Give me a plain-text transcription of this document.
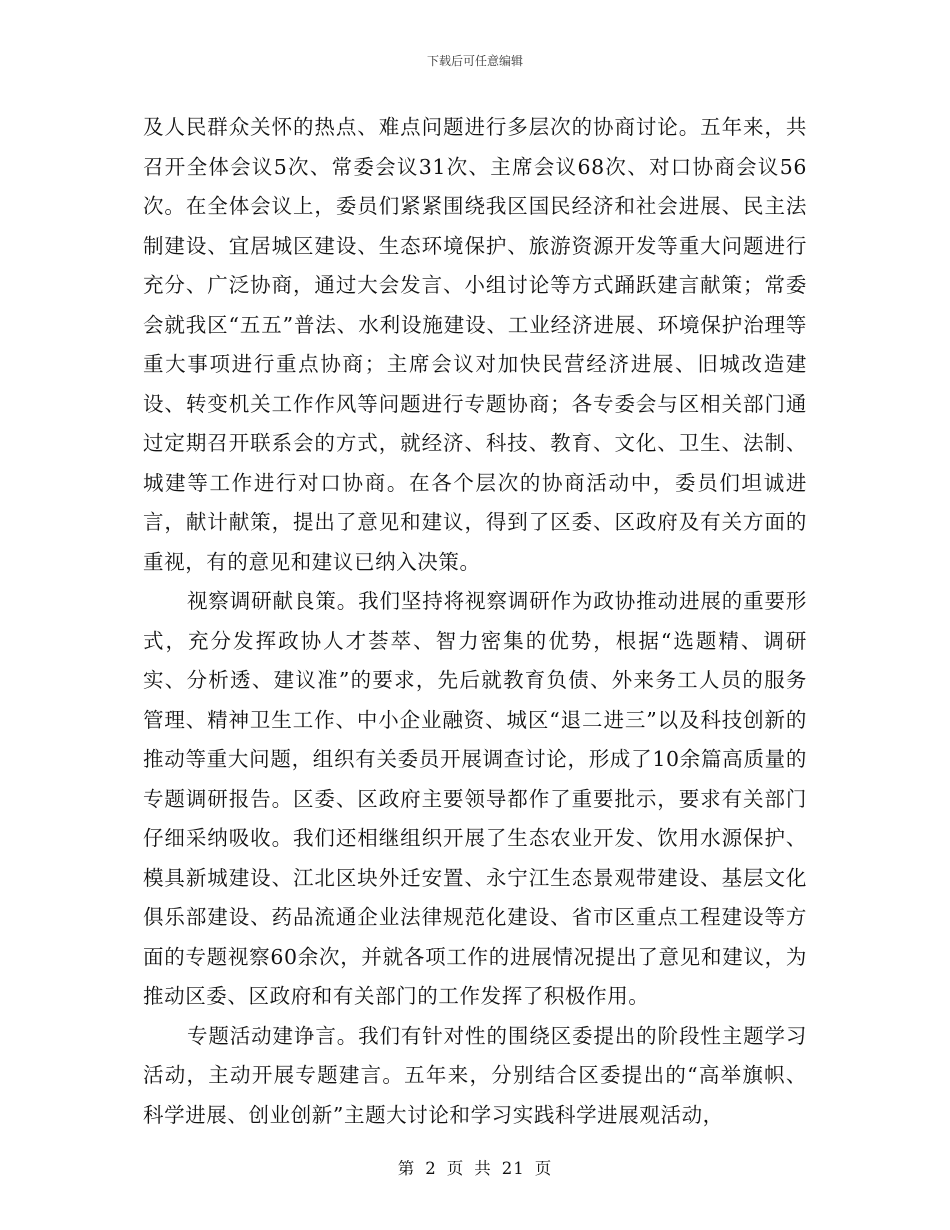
下载后可任意编辑

及人民群众关怀的热点、难点问题进行多层次的协商讨论。五年来，共召开全体会议5次、常委会议31次、主席会议68次、对口协商会议56次。在全体会议上，委员们紧紧围绕我区国民经济和社会进展、民主法制建设、宜居城区建设、生态环境保护、旅游资源开发等重大问题进行充分、广泛协商，通过大会发言、小组讨论等方式踊跃建言献策；常委会就我区“五五”普法、水利设施建设、工业经济进展、环境保护治理等重大事项进行重点协商；主席会议对加快民营经济进展、旧城改造建设、转变机关工作作风等问题进行专题协商；各专委会与区相关部门通过定期召开联系会的方式，就经济、科技、教育、文化、卫生、法制、城建等工作进行对口协商。在各个层次的协商活动中，委员们坦诚进言，献计献策，提出了意见和建议，得到了区委、区政府及有关方面的重视，有的意见和建议已纳入决策。

视察调研献良策。我们坚持将视察调研作为政协推动进展的重要形式，充分发挥政协人才荟萃、智力密集的优势，根据“选题精、调研实、分析透、建议准”的要求，先后就教育负债、外来务工人员的服务管理、精神卫生工作、中小企业融资、城区“退二进三”以及科技创新的推动等重大问题，组织有关委员开展调查讨论，形成了10余篇高质量的专题调研报告。区委、区政府主要领导都作了重要批示，要求有关部门仔细采纳吸收。我们还相继组织开展了生态农业开发、饮用水源保护、模具新城建设、江北区块外迁安置、永宁江生态景观带建设、基层文化俱乐部建设、药品流通企业法律规范化建设、省市区重点工程建设等方面的专题视察60余次，并就各项工作的进展情况提出了意见和建议，为推动区委、区政府和有关部门的工作发挥了积极作用。

专题活动建诤言。我们有针对性的围绕区委提出的阶段性主题学习活动，主动开展专题建言。五年来，分别结合区委提出的“高举旗帜、科学进展、创业创新”主题大讨论和学习实践科学进展观活动，

第 2 页 共 21 页
